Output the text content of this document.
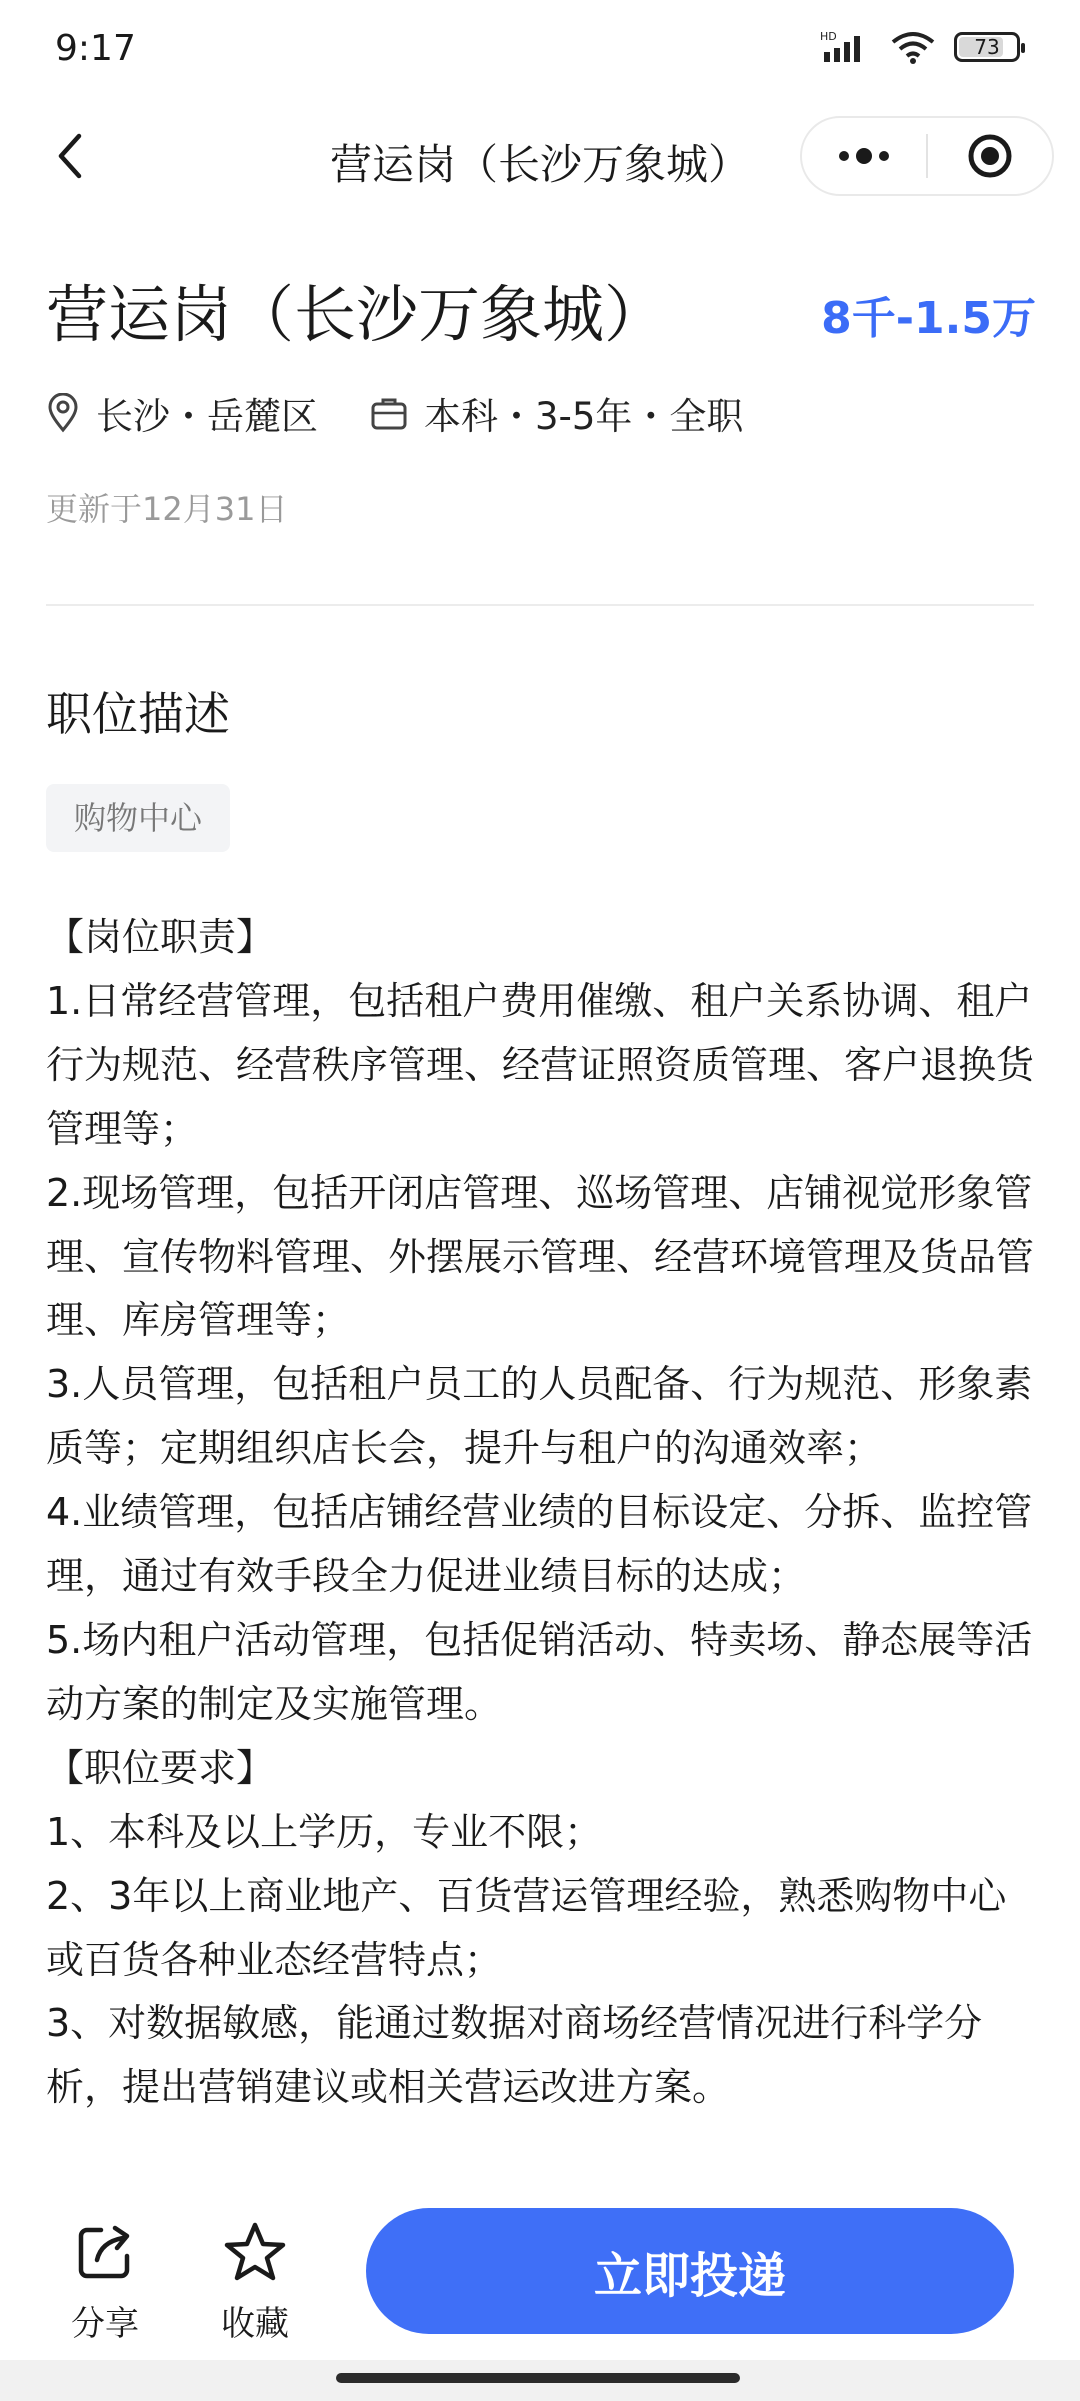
9:17	HD	73
营运岗（长沙万象城）
营运岗（长沙万象城）	8千-1.5万
长沙・岳麓区	本科・3-5年・全职
更新于12月31日
职位描述
购物中心

【岗位职责】

1.日常经营管理，包括租户费用催缴、租户关系协调、租户行为规范、经营秩序管理、经营证照资质管理、客户退换货管理等；

2.现场管理，包括开闭店管理、巡场管理、店铺视觉形象管理、宣传物料管理、外摆展示管理、经营环境管理及货品管理、库房管理等；

3.人员管理，包括租户员工的人员配备、行为规范、形象素质等；定期组织店长会，提升与租户的沟通效率；

4.业绩管理，包括店铺经营业绩的目标设定、分拆、监控管理，通过有效手段全力促进业绩目标的达成；

5.场内租户活动管理，包括促销活动、特卖场、静态展等活动方案的制定及实施管理。

【职位要求】

1、本科及以上学历，专业不限；

2、3年以上商业地产、百货营运管理经验，熟悉购物中心或百货各种业态经营特点；

3、对数据敏感，能通过数据对商场经营情况进行科学分析，提出营销建议或相关营运改进方案。

分享 收藏
立即投递
